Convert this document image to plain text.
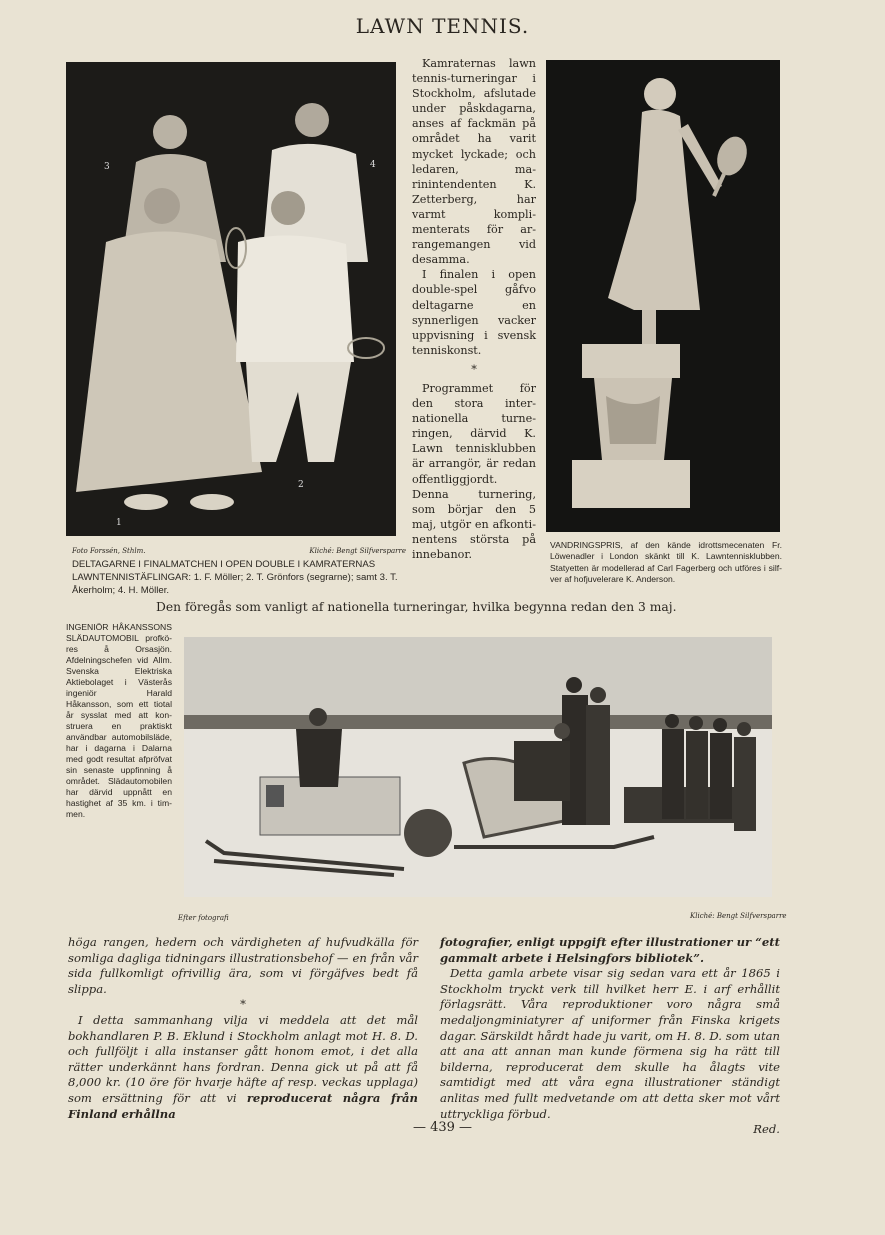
LAWN TENNIS.
3	4
1
2

Kamraternas lawn tennis-turneringar i Stockholm, afslutade under påskdagarna, anses af fackmän på området ha varit mycket lyckade; och ledaren, marinintendenten K. Zetterberg, har varmt komplimenterats för arrangemangen vid desamma.

I finalen i open double-spel gåfvo deltagarne en synnerligen vacker uppvisning i svensk tenniskonst.

*

Programmet för den stora internationella turneringen, därvid K. Lawn tennisklubben är arrangör, är redan offentliggjordt. Denna turnering, som börjar den 5 maj, utgör en afkontinentens största på innebanor.

Foto Forssén, Sthlm.	Kliché: Bengt Silfversparre
DELTAGARNE I FINALMATCHEN I OPEN DOUBLE I KAMRATERNAS LAWNTENNISTÄFLINGAR: 1. F. Möller; 2. T. Grönfors (segrarne); samt 3. T. Åkerholm; 4. H. Möller.
VANDRINGSPRIS, af den kände idrottsmecenaten Fr. Löwenadler i London skänkt till K. Lawntennisklubben. Statyetten är modellerad af Carl Fagerberg och utföres i silfver af hofjuvelerare K. Anderson.
Den föregås som vanligt af nationella turneringar, hvilka begynna redan den 3 maj.
INGENIÖR HÅKANSSONS SLÄDAUTOMOBIL profköres å Orsasjön. Afdelningschefen vid Allm. Svenska Elektriska Aktiebolaget i Västerås ingeniör Harald Håkansson, som ett tiotal år sysslat med att konstruera en praktiskt användbar automobilsläde, har i dagarna i Dalarna med godt resultat afpröfvat sin senaste uppfinning å området. Slädautomobilen har därvid uppnått en hastighet af 35 km. i timmen.
Efter fotografi	Kliché: Bengt Silfversparre

höga rangen, hedern och värdigheten af hufvudkälla för somliga dagliga tidningars illustrationsbehof — en från vår sida fullkomligt ofrivillig ära, som vi förgäfves bedt få slippa.

*

I detta sammanhang vilja vi meddela att det mål bokhandlaren P. B. Eklund i Stockholm anlagt mot H. 8. D. och fullföljt i alla instanser gått honom emot, i det alla rätter underkännt hans fordran. Denna gick ut på att få 8,000 kr. (10 öre för hvarje häfte af resp. veckas upplaga) som ersättning för att vi reproducerat några från Finland erhållna

fotografier, enligt uppgift efter illustrationer ur “ett gammalt arbete i Helsingfors bibliotek”.

Detta gamla arbete visar sig sedan vara ett år 1865 i Stockholm tryckt verk till hvilket herr E. i arf erhållit förlagsrätt. Våra reproduktioner voro några små medaljongminiatyrer af uniformer från Finska krigets dagar. Särskildt hårdt hade ju varit, om H. 8. D. som utan att ana att annan man kunde förmena sig ha rätt till bilderna, reproducerat dem skulle ha ålagts vite samtidigt med att våra egna illustrationer ständigt anlitas med fullt medvetande om att detta sker mot vårt uttryckliga förbud.

Red.

— 439 —
